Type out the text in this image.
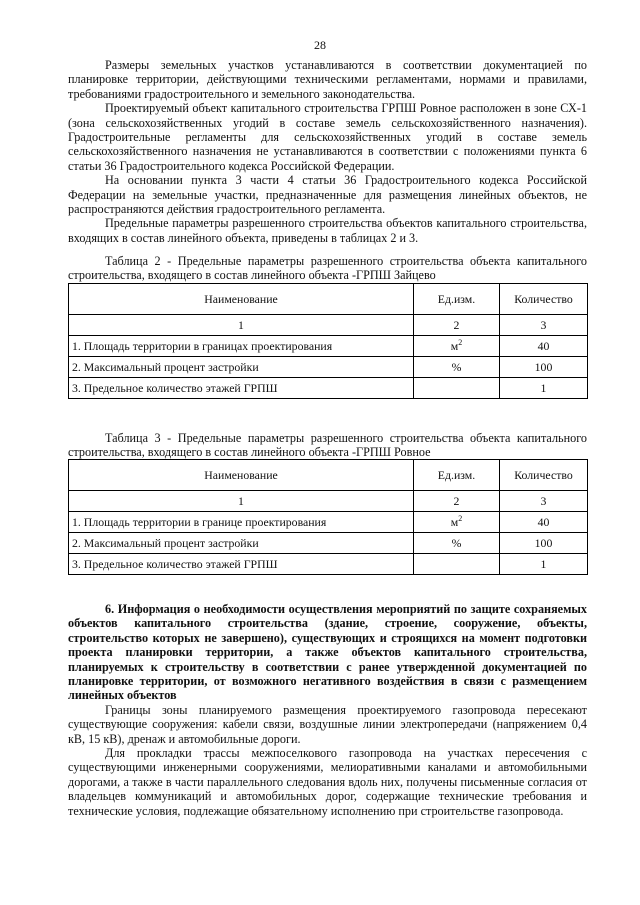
28

Размеры земельных участков устанавливаются в соответствии документацией по планировке территории, действующими техническими регламентами, нормами и правилами, требованиями градостроительного и земельного законодательства.

Проектируемый объект капитального строительства ГРПШ Ровное расположен в зоне СХ-1 (зона сельскохозяйственных угодий в составе земель сельскохозяйственного назначения). Градостроительные регламенты для сельскохозяйственных угодий в составе земель сельскохозяйственного назначения не устанавливаются в соответствии с положениями пункта 6 статьи 36 Градостроительного кодекса Российской Федерации.

На основании пункта 3 части 4 статьи 36 Градостроительного кодекса Российской Федерации на земельные участки, предназначенные для размещения линейных объектов, не распространяются действия градостроительного регламента.

Предельные параметры разрешенного строительства объектов капитального строительства, входящих в состав линейного объекта, приведены в таблицах 2 и 3.

Таблица 2 - Предельные параметры разрешенного строительства объекта капитального строительства, входящего в состав линейного объекта -ГРПШ Зайцево

Наименование	Ед.изм.	Количество
1	2	3
1. Площадь территории в границах проектирования	$м^2$	40
2. Максимальный процент застройки	%	100
3. Предельное количество этажей ГРПШ		1

Таблица 3 - Предельные параметры разрешенного строительства объекта капитального строительства, входящего в состав линейного объекта -ГРПШ Ровное

Наименование	Ед.изм.	Количество
1	2	3
1. Площадь территории в границе проектирования	$м^2$	40
2. Максимальный процент застройки	%	100
3. Предельное количество этажей ГРПШ		1

6. Информация о необходимости осуществления мероприятий по защите сохраняемых объектов капитального строительства (здание, строение, сооружение, объекты, строительство которых не завершено), существующих и строящихся на момент подготовки проекта планировки территории, а также объектов капитального строительства, планируемых к строительству в соответствии с ранее утвержденной документацией по планировке территории, от возможного негативного воздействия в связи с размещением линейных объектов

Границы зоны планируемого размещения проектируемого газопровода пересекают существующие сооружения: кабели связи, воздушные линии электропередачи (напряжением 0,4 кВ, 15 кВ), дренаж и автомобильные дороги.

Для прокладки трассы межпоселкового газопровода на участках пересечения с существующими инженерными сооружениями, мелиоративными каналами и автомобильными дорогами, а также в части параллельного следования вдоль них, получены письменные согласия от владельцев коммуникаций и автомобильных дорог, содержащие технические требования и технические условия, подлежащие обязательному исполнению при строительстве газопровода.
